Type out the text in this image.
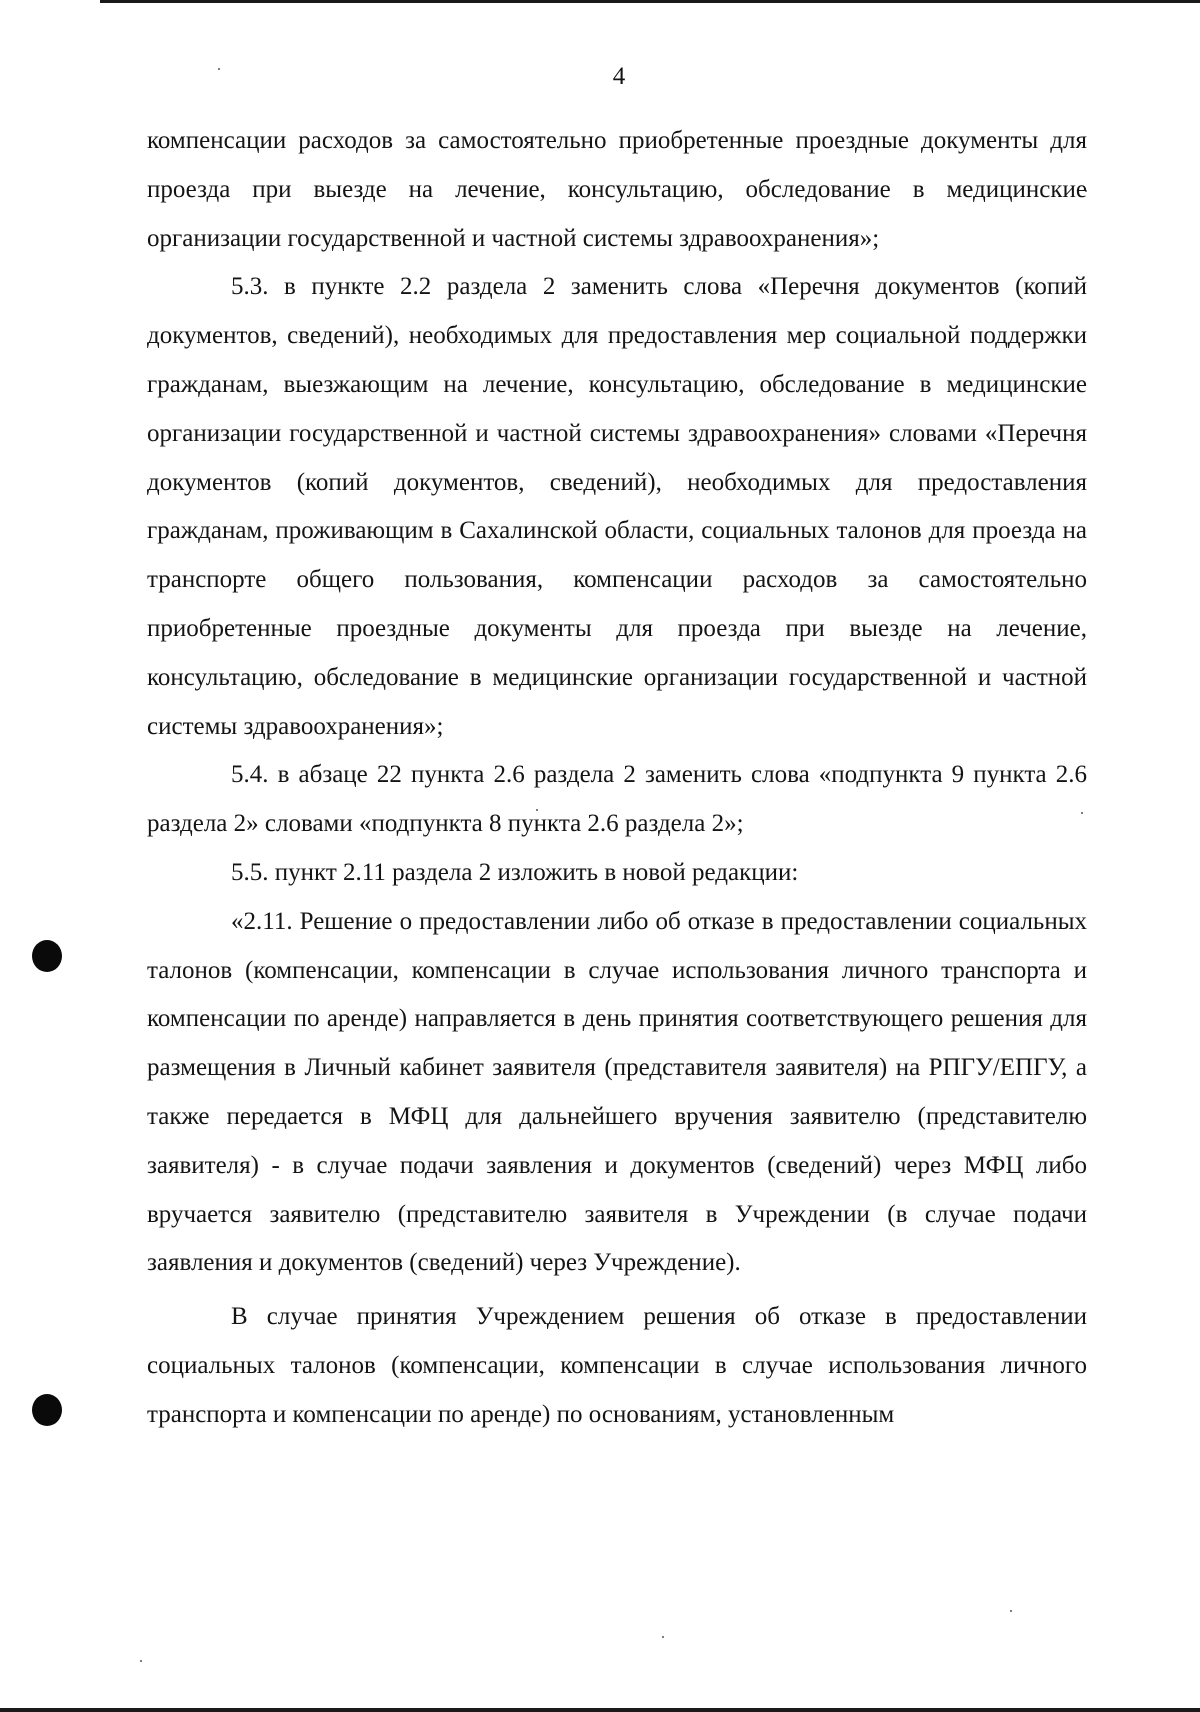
4

компенсации расходов за самостоятельно приобретенные проездные документы для проезда при выезде на лечение, консультацию, обследование в медицинские организации государственной и частной системы здравоохранения»;

5.3. в пункте 2.2 раздела 2 заменить слова «Перечня документов (копий документов, сведений), необходимых для предоставления мер социальной поддержки гражданам, выезжающим на лечение, консультацию, обследование в медицинские организации государственной и частной системы здравоохранения» словами «Перечня документов (копий документов, сведений), необходимых для предоставления гражданам, проживающим в Сахалинской области, социальных талонов для проезда на транспорте общего пользования, компенсации расходов за самостоятельно приобретенные проездные документы для проезда при выезде на лечение, консультацию, обследование в медицинские организации государственной и частной системы здравоохранения»;

5.4. в абзаце 22 пункта 2.6 раздела 2 заменить слова «подпункта 9 пункта 2.6 раздела 2» словами «подпункта 8 пункта 2.6 раздела 2»;

5.5. пункт 2.11 раздела 2 изложить в новой редакции:

«2.11. Решение о предоставлении либо об отказе в предоставлении социальных талонов (компенсации, компенсации в случае использования личного транспорта и компенсации по аренде) направляется в день принятия соответствующего решения для размещения в Личный кабинет заявителя (представителя заявителя) на РПГУ/ЕПГУ, а также передается в МФЦ для дальнейшего вручения заявителю (представителю заявителя) - в случае подачи заявления и документов (сведений) через МФЦ либо вручается заявителю (представителю заявителя в Учреждении (в случае подачи заявления и документов (сведений) через Учреждение).

В случае принятия Учреждением решения об отказе в предоставлении социальных талонов (компенсации, компенсации в случае использования личного транспорта и компенсации по аренде) по основаниям, установленным
